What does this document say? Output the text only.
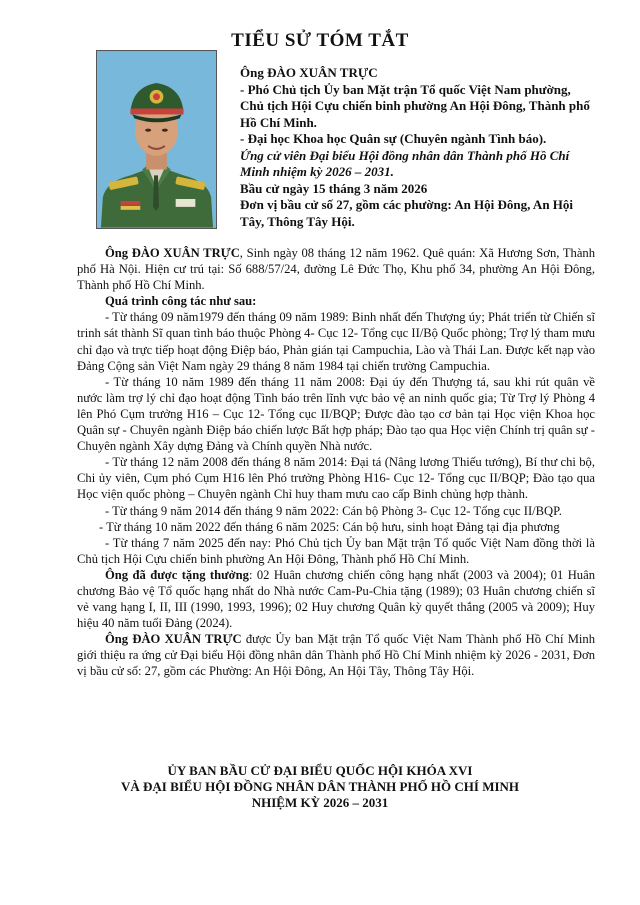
TIỂU SỬ TÓM TẮT

Ông ĐÀO XUÂN TRỰC

- Phó Chủ tịch Ủy ban Mặt trận Tổ quốc Việt Nam phường, Chủ tịch Hội Cựu chiến binh phường An Hội Đông, Thành phố Hồ Chí Minh.

- Đại học Khoa học Quân sự (Chuyên ngành Tình báo).

Ứng cử viên Đại biểu Hội đồng nhân dân Thành phố Hồ Chí Minh nhiệm kỳ 2026 – 2031.

Bầu cử ngày 15 tháng 3 năm 2026

Đơn vị bầu cử số 27, gồm các phường: An Hội Đông, An Hội Tây, Thông Tây Hội.

Ông ĐÀO XUÂN TRỰC, Sinh ngày 08 tháng 12 năm 1962. Quê quán: Xã Hương Sơn, Thành phố Hà Nội. Hiện cư trú tại: Số 688/57/24, đường Lê Đức Thọ, Khu phố 34, phường An Hội Đông, Thành phố Hồ Chí Minh.

Quá trình công tác như sau:

- Từ tháng 09 năm1979 đến tháng 09 năm 1989: Binh nhất đến Thượng úy; Phát triển từ Chiến sĩ trinh sát thành Sĩ quan tình báo thuộc Phòng 4- Cục 12- Tổng cục II/Bộ Quốc phòng; Trợ lý tham mưu chỉ đạo và trực tiếp hoạt động Điệp báo, Phản gián tại Campuchia, Lào và Thái Lan. Được kết nạp vào Đảng Cộng sản Việt Nam ngày 29 tháng 8 năm 1984 tại chiến trường Campuchia.

- Từ tháng 10 năm 1989 đến tháng 11 năm 2008: Đại úy đến Thượng tá, sau khi rút quân về nước làm trợ lý chỉ đạo hoạt động Tình báo trên lĩnh vực bảo vệ an ninh quốc gia; Từ Trợ lý Phòng 4 lên Phó Cụm trưởng H16 – Cục 12- Tổng cục II/BQP; Được đào tạo cơ bản tại Học viện Khoa học Quân sự - Chuyên ngành Điệp báo chiến lược Bất hợp pháp; Đào tạo qua Học viện Chính trị quân sự - Chuyên ngành Xây dựng Đảng và Chính quyền Nhà nước.

- Từ tháng 12 năm 2008 đến tháng 8 năm 2014: Đại tá (Nâng lương Thiếu tướng), Bí thư chi bộ, Chi ủy viên, Cụm phó Cụm H16 lên Phó trưởng Phòng H16- Cục 12- Tổng cục II/BQP; Đào tạo qua Học viện quốc phòng – Chuyên ngành Chỉ huy tham mưu cao cấp Binh chủng hợp thành.

- Từ tháng 9 năm 2014 đến tháng 9 năm 2022: Cán bộ Phòng 3- Cục 12- Tổng cục II/BQP.

- Từ tháng 10 năm 2022 đến tháng 6 năm 2025: Cán bộ hưu, sinh hoạt Đảng tại địa phương

- Từ tháng 7 năm 2025 đến nay: Phó Chủ tịch Ủy ban Mặt trận Tổ quốc Việt Nam đồng thời là Chủ tịch Hội Cựu chiến binh phường An Hội Đông, Thành phố Hồ Chí Minh.

Ông đã được tặng thưởng: 02 Huân chương chiến công hạng nhất (2003 và 2004); 01 Huân chương Bảo vệ Tổ quốc hạng nhất do Nhà nước Cam-Pu-Chia tặng (1989); 03 Huân chương chiến sĩ vẻ vang hạng I, II, III (1990, 1993, 1996); 02 Huy chương Quân kỳ quyết thắng (2005 và 2009); Huy hiệu 40 năm tuổi Đảng (2024).

Ông ĐÀO XUÂN TRỰC được Ủy ban Mặt trận Tổ quốc Việt Nam Thành phố Hồ Chí Minh giới thiệu ra ứng cử Đại biểu Hội đồng nhân dân Thành phố Hồ Chí Minh nhiệm kỳ 2026 - 2031, Đơn vị bầu cử số: 27, gồm các Phường: An Hội Đông, An Hội Tây, Thông Tây Hội.

ỦY BAN BẦU CỬ ĐẠI BIỂU QUỐC HỘI KHÓA XVI

VÀ ĐẠI BIỂU HỘI ĐỒNG NHÂN DÂN THÀNH PHỐ HỒ CHÍ MINH

NHIỆM KỲ 2026 – 2031
